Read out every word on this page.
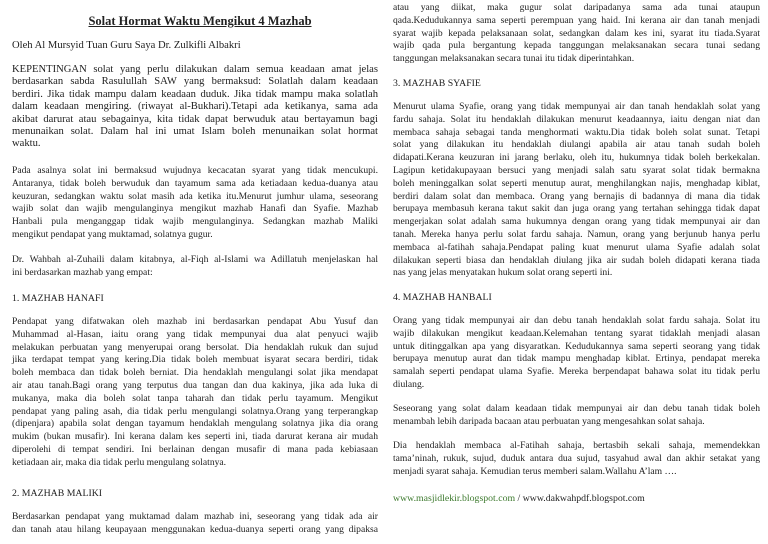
Solat Hormat Waktu Mengikut 4 Mazhab
Oleh Al Mursyid Tuan Guru Saya Dr. Zulkifli Albakri
KEPENTINGAN solat yang perlu dilakukan dalam semua keadaan amat jelas
berdasarkan sabda Rasulullah SAW yang bermaksud: Solatlah dalam keadaan
berdiri. Jika tidak mampu dalam keadaan duduk. Jika tidak mampu maka solatlah
dalam keadaan mengiring. (riwayat al-Bukhari).Tetapi ada ketikanya, sama ada
akibat darurat atau sebagainya, kita tidak dapat berwuduk atau bertayamun bagi
menunaikan solat. Dalam hal ini umat Islam boleh menunaikan solat hormat
waktu.
Pada asalnya solat ini bermaksud wujudnya kecacatan syarat yang tidak mencukupi.
Antaranya, tidak boleh berwuduk dan tayamum sama ada ketiadaan kedua-duanya atau
keuzuran, sedangkan waktu solat masih ada ketika itu.Menurut jumhur ulama, seseorang
wajib solat dan wajib mengulanginya mengikut mazhab Hanafi dan Syafie. Mazhab
Hanbali pula menganggap tidak wajib mengulanginya. Sedangkan mazhab Maliki
mengikut pendapat yang muktamad, solatnya gugur.
Dr. Wahbah al-Zuhaili dalam kitabnya, al-Fiqh al-Islami wa Adillatuh menjelaskan hal
ini berdasarkan mazhab yang empat:
1. MAZHAB HANAFI
Pendapat yang difatwakan oleh mazhab ini berdasarkan pendapat Abu Yusuf dan
Muhammad al-Hasan, iaitu orang yang tidak mempunyai dua alat penyuci wajib
melakukan perbuatan yang menyerupai orang bersolat. Dia hendaklah rukuk dan sujud
jika terdapat tempat yang kering.Dia tidak boleh membuat isyarat secara berdiri, tidak
boleh membaca dan tidak boleh berniat. Dia hendaklah mengulangi solat jika mendapat
air atau tanah.Bagi orang yang terputus dua tangan dan dua kakinya, jika ada luka di
mukanya, maka dia boleh solat tanpa taharah dan tidak perlu tayamum. Mengikut
pendapat yang paling asah, dia tidak perlu mengulangi solatnya.Orang yang terperangkap
(dipenjara) apabila solat dengan tayamum hendaklah mengulang solatnya jika dia orang
mukim (bukan musafir). Ini kerana dalam kes seperti ini, tiada darurat kerana air mudah
diperolehi di tempat sendiri. Ini berlainan dengan musafir di mana pada kebiasaan
ketiadaan air, maka dia tidak perlu mengulang solatnya.
2. MAZHAB MALIKI
Berdasarkan pendapat yang muktamad dalam mazhab ini, seseorang yang tidak ada air
dan tanah atau hilang keupayaan menggunakan kedua-duanya seperti orang yang dipaksa
www.masjidlekir.blogspot.com / www.dakwahpdf.blogspot.com
atau yang diikat, maka gugur solat daripadanya sama ada tunai ataupun
qada.Kedudukannya sama seperti perempuan yang haid. Ini kerana air dan tanah menjadi
syarat wajib kepada pelaksanaan solat, sedangkan dalam kes ini, syarat itu tiada.Syarat
wajib qada pula bergantung kepada tanggungan melaksanakan secara tunai sedang
tanggungan melaksanakan secara tunai itu tidak diperintahkan.
3. MAZHAB SYAFIE
Menurut ulama Syafie, orang yang tidak mempunyai air dan tanah hendaklah solat yang
fardu sahaja. Solat itu hendaklah dilakukan menurut keadaannya, iaitu dengan niat dan
membaca sahaja sebagai tanda menghormati waktu.Dia tidak boleh solat sunat. Tetapi
solat yang dilakukan itu hendaklah diulangi apabila air atau tanah sudah boleh
didapati.Kerana keuzuran ini jarang berlaku, oleh itu, hukumnya tidak boleh berkekalan.
Lagipun ketidakupayaan bersuci yang menjadi salah satu syarat solat tidak bermakna
boleh meninggalkan solat seperti menutup aurat, menghilangkan najis, menghadap kiblat,
berdiri dalam solat dan membaca. Orang yang bernajis di badannya di mana dia tidak
berupaya membasuh kerana takut sakit dan juga orang yang tertahan sehingga tidak dapat
mengerjakan solat adalah sama hukumnya dengan orang yang tidak mempunyai air dan
tanah. Mereka hanya perlu solat fardu sahaja. Namun, orang yang berjunub hanya perlu
membaca al-fatihah sahaja.Pendapat paling kuat menurut ulama Syafie adalah solat
dilakukan seperti biasa dan hendaklah diulang jika air sudah boleh didapati kerana tiada
nas yang jelas menyatakan hukum solat orang seperti ini.
4. MAZHAB HANBALI
Orang yang tidak mempunyai air dan debu tanah hendaklah solat fardu sahaja. Solat itu
wajib dilakukan mengikut keadaan.Kelemahan tentang syarat tidaklah menjadi alasan
untuk ditinggalkan apa yang disyaratkan. Kedudukannya sama seperti seorang yang tidak
berupaya menutup aurat dan tidak mampu menghadap kiblat. Ertinya, pendapat mereka
samalah seperti pendapat ulama Syafie. Mereka berpendapat bahawa solat itu tidak perlu
diulang.
Seseorang yang solat dalam keadaan tidak mempunyai air dan debu tanah tidak boleh
menambah lebih daripada bacaan atau perbuatan yang mengesahkan solat sahaja.
Dia hendaklah membaca al-Fatihah sahaja, bertasbih sekali sahaja, memendekkan
tama’ninah, rukuk, sujud, duduk antara dua sujud, tasyahud awal dan akhir setakat yang
menjadi syarat sahaja. Kemudian terus memberi salam.Wallahu A’lam ….
